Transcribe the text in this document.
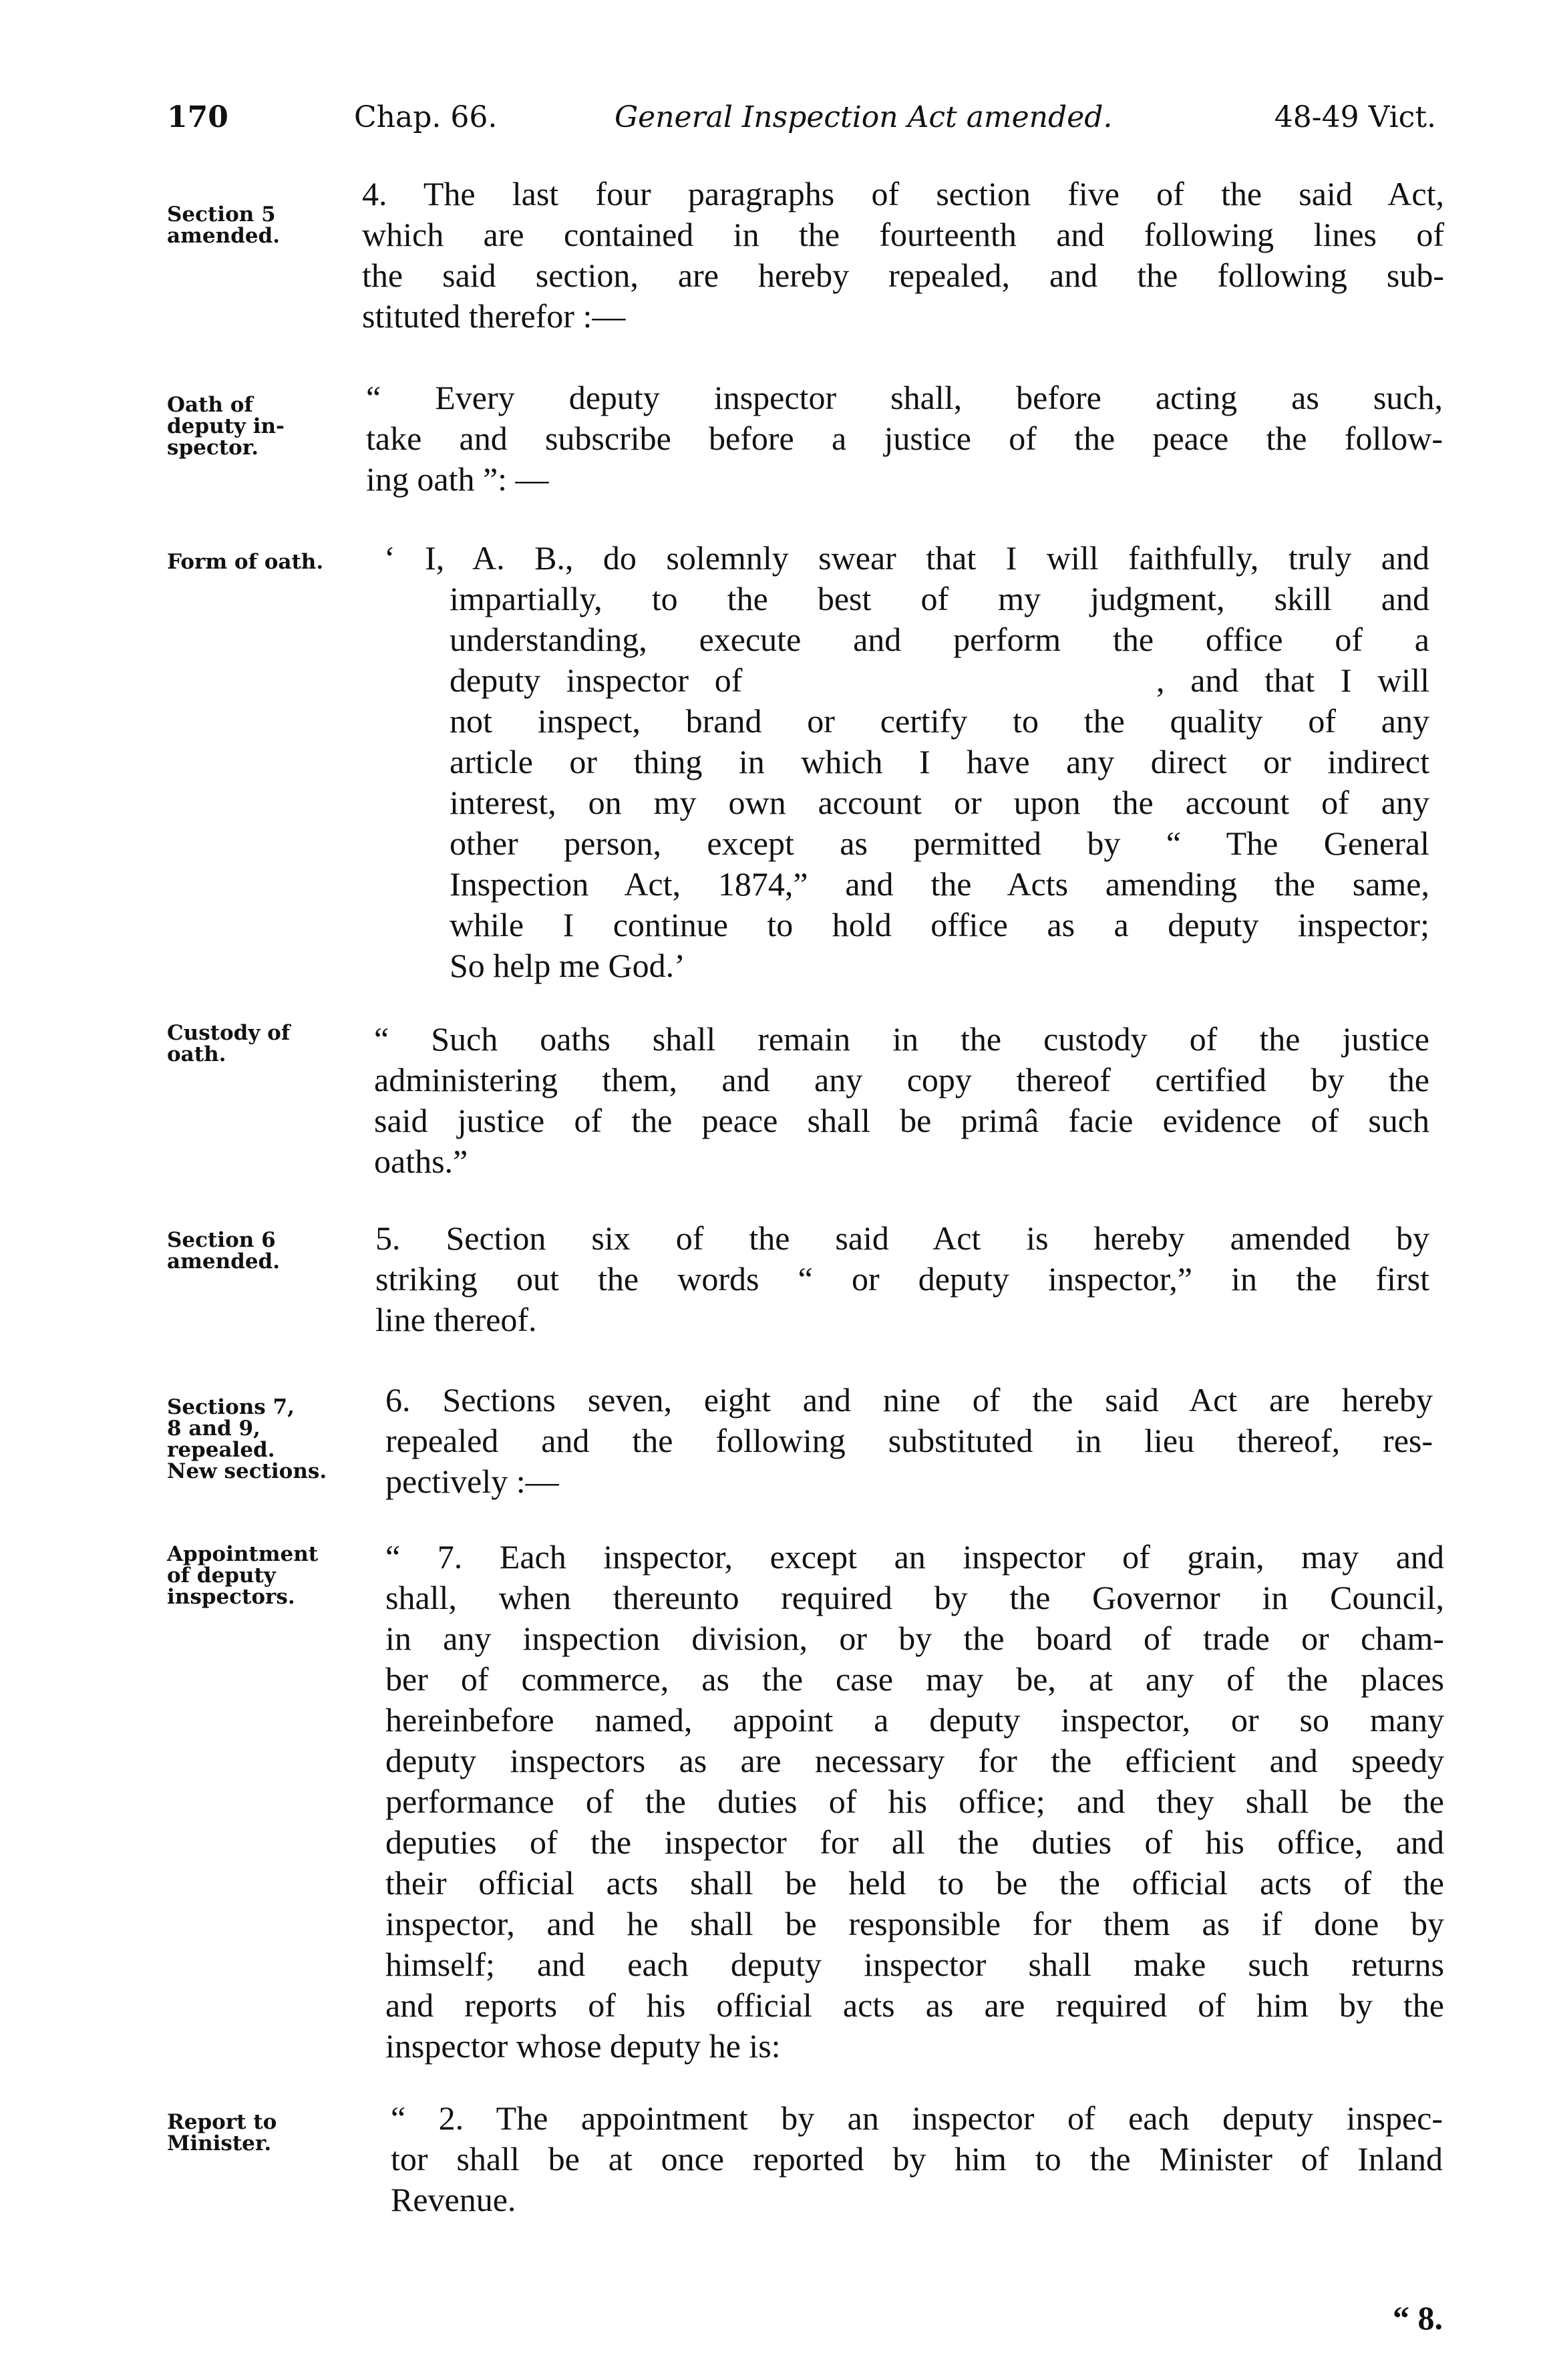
170	Chap. 66.	General Inspection Act amended.	48-49 Vict.
Section 5
amended.
4. The last four paragraphs of section five of the said Act,
which are contained in the fourteenth and following lines of
the said section, are hereby repealed, and the following sub-
stituted therefor :—
Oath of
deputy in-
spector.
“ Every deputy inspector shall, before acting as such,
take and subscribe before a justice of the peace the follow-
ing oath ”: —
Form of oath.	‘ I, A. B., do solemnly swear that I will faithfully, truly and
impartially, to the best of my judgment, skill and
understanding, execute and perform the office of a
deputy inspector of                , and that I will
not inspect, brand or certify to the quality of any
article or thing in which I have any direct or indirect
interest, on my own account or upon the account of any
other person, except as permitted by “ The General
Inspection Act, 1874,” and the Acts amending the same,
while I continue to hold office as a deputy inspector;
So help me God.’
Custody of
oath.	“ Such oaths shall remain in the custody of the justice
administering them, and any copy thereof certified by the
said justice of the peace shall be primâ facie evidence of such
oaths.”
Section 6
amended.
5. Section six of the said Act is hereby amended by
striking out the words “ or deputy inspector,” in the first
line thereof.
Sections 7,
8 and 9,
repealed.
New sections.
6. Sections seven, eight and nine of the said Act are hereby
repealed and the following substituted in lieu thereof, res-
pectively :—
Appointment
of deputy
inspectors.
“ 7. Each inspector, except an inspector of grain, may and
shall, when thereunto required by the Governor in Council,
in any inspection division, or by the board of trade or cham-
ber of commerce, as the case may be, at any of the places
hereinbefore named, appoint a deputy inspector, or so many
deputy inspectors as are necessary for the efficient and speedy
performance of the duties of his office; and they shall be the
deputies of the inspector for all the duties of his office, and
their official acts shall be held to be the official acts of the
inspector, and he shall be responsible for them as if done by
himself; and each deputy inspector shall make such returns
and reports of his official acts as are required of him by the
inspector whose deputy he is:
Report to
Minister.
“ 2. The appointment by an inspector of each deputy inspec-
tor shall be at once reported by him to the Minister of Inland
Revenue.
“ 8.
